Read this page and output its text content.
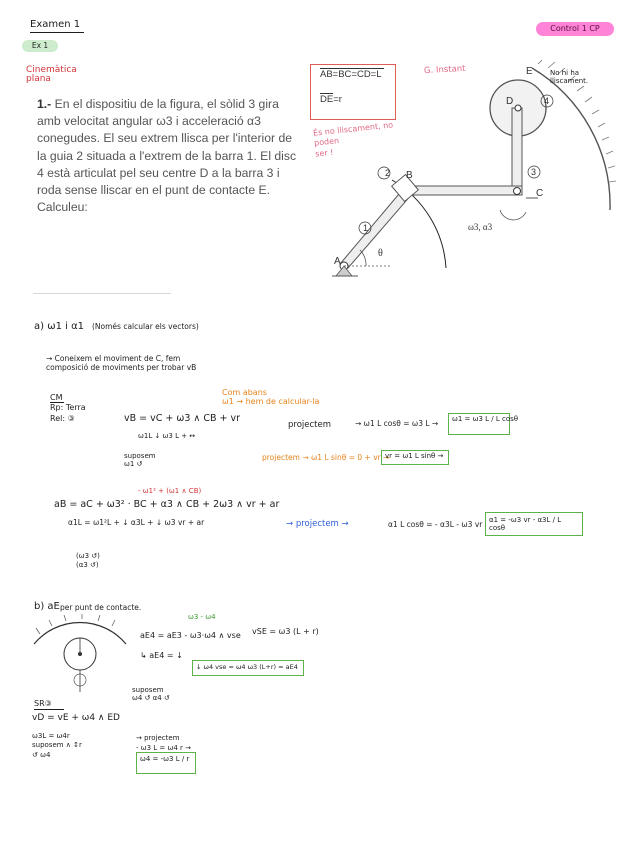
Examen 1
Ex 1
Control 1 CP
Cinemàtica plana
1.- En el dispositiu de la figura, el sòlid 3 gira amb velocitat angular ω3 i acceleració α3 conegudes. El seu extrem llisca per l'interior de la guia 2 situada a l'extrem de la barra 1. El disc 4 està articulat pel seu centre D a la barra 3 i roda sense lliscar en el punt de contacte E. Calculeu:
A
B
C
D
E
1
2	3
4
θ
ω3, α3
AB=BC=CD=L
DE=r
És no lliscament, no poden
ser !
G. Instant	No hi ha lliscament.
a) ω1 i α1 (Només calcular els vectors)
→ Coneixem el moviment de C, fem composició de moviments per trobar vB
CM
Rp: Terra
Rel: ③	vB = vC + ω3 ∧ CB + vr
Com abans
ω1 → hem de calcular-la
projectem	→ ω1 L cosθ = ω3 L → ω1 = ω3 L / L cosθ
ω1L ↓ ω3 L + ↔
projectem → ω1 L sinθ = 0 + vr →
vr = ω1 L sinθ →
suposem ω1 ↺
- ω1² + (ω1 ∧ CB)
aB = aC + ω3² · BC + α3 ∧ CB + 2ω3 ∧ vr + ar
α1L = ω1²L + ↓ α3L + ↓ ω3 vr + ar	→ projectem →	α1 L cosθ = - α3L - ω3 vr α1 = -ω3 vr - α3L / L cosθ
(ω3 ↺)
(α3 ↺)
b) aE per punt de contacte.
ω3 - ω4
aE4 = aE3 - ω3·ω4 ∧ vse vSE = ω3 (L + r)
↳ aE4 = ↓
↓ ω4 vse = ω4 ω3 (L+r) = aE4
suposem ω4 ↺ α4 ↺
SR③
vD = vE + ω4 ∧ ED
ω3L = ω4r
suposem ∧ ↕r
↺ ω4
→ projectem
- ω3 L = ω4 r →
ω4 = -ω3 L / r
